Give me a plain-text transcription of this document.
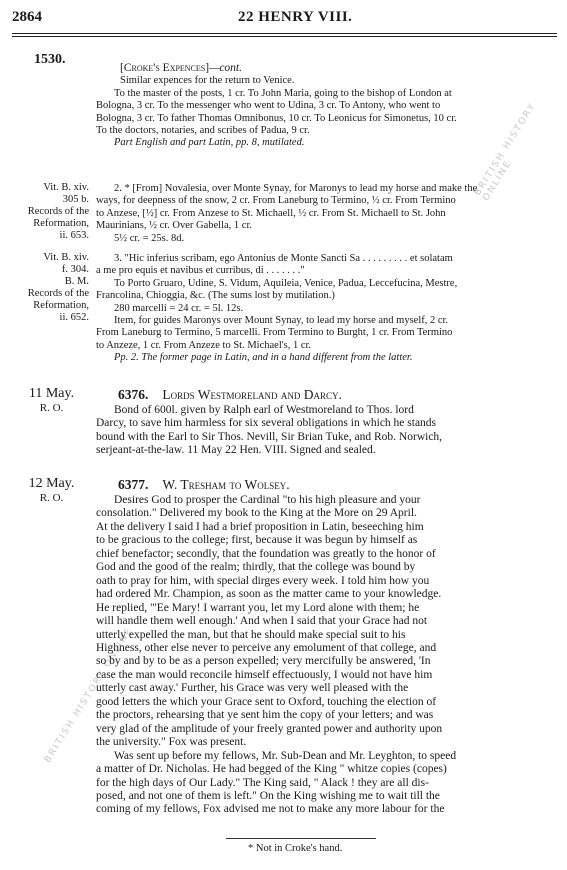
2864	22 HENRY VIII.
BRITISH HISTORY ONLINE
BRITISH HISTORY ONLINE
1530.

[Croke's Expences]—cont.

Similar expences for the return to Venice.

To the master of the posts, 1 cr. To John Maria, going to the bishop of London at

Bologna, 3 cr. To the messenger who went to Udina, 3 cr. To Antony, who went to

Bologna, 3 cr. To father Thomas Omnibonus, 10 cr. To Leonicus for Simonetus, 10 cr.

To the doctors, notaries, and scribes of Padua, 9 cr.

Part English and part Latin, pp. 8, mutilated.

Vit. B. xiv.
305 b.
Records of the
Reformation,
ii. 653.

2. * [From] Novalesia, over Monte Synay, for Maronys to lead my horse and make the

ways, for deepness of the snow, 2 cr. From Laneburg to Termino, ½ cr. From Termino

to Anzese, [½] cr. From Anzese to St. Michaell, ½ cr. From St. Michaell to St. John

Maurinians, ½ cr. Over Gabella, 1 cr.

5½ cr. = 25s. 8d.

Vit. B. xiv.
f. 304.
B. M.
Records of the
Reformation,
ii. 652.

3. "Hic inferius scribam, ego Antonius de Monte Sancti Sa . . . . . . . . . et solatam

a me pro equis et navibus et curribus, di . . . . . . ."

To Porto Gruaro, Udine, S. Vidum, Aquileia, Venice, Padua, Leccefucina, Mestre,

Francolina, Chioggia, &c. (The sums lost by mutilation.)

280 marcelli = 24 cr. = 5l. 12s.

Item, for guides Maronys over Mount Synay, to lead my horse and myself, 2 cr.

From Laneburg to Termino, 5 marcelli. From Termino to Burght, 1 cr. From Termino

to Anzeze, 1 cr. From Anzeze to St. Michael's, 1 cr.

Pp. 2. The former page in Latin, and in a hand different from the latter.

11 May.
R. O.
6376. Lords Westmoreland and Darcy.

Bond of 600l. given by Ralph earl of Westmoreland to Thos. lord

Darcy, to save him harmless for six several obligations in which he stands

bound with the Earl to Sir Thos. Nevill, Sir Brian Tuke, and Rob. Norwich,

serjeant-at-the-law. 11 May 22 Hen. VIII. Signed and sealed.

12 May.
R. O.
6377. W. Tresham to Wolsey.

Desires God to prosper the Cardinal "to his high pleasure and your

consolation." Delivered my book to the King at the More on 29 April.

At the delivery I said I had a brief proposition in Latin, beseeching him

to be gracious to the college; first, because it was begun by himself as

chief benefactor; secondly, that the foundation was greatly to the honor of

God and the good of the realm; thirdly, that the college was bound by

oath to pray for him, with special dirges every week. I told him how you

had ordered Mr. Champion, as soon as the matter came to your knowledge.

He replied, "'Ee Mary! I warrant you, let my Lord alone with them; he

will handle them well enough.' And when I said that your Grace had not

utterly expelled the man, but that he should make special suit to his

Highness, other else never to perceive any emolument of that college, and

so by and by to be as a person expelled; very mercifully be answered, 'In

case the man would reconcile himself effectuously, I would not have him

utterly cast away.' Further, his Grace was very well pleased with the

good letters the which your Grace sent to Oxford, touching the election of

the proctors, rehearsing that ye sent him the copy of your letters; and was

very glad of the amplitude of your freely granted power and authority upon

the university." Fox was present.

Was sent up before my fellows, Mr. Sub-Dean and Mr. Leyghton, to speed

a matter of Dr. Nicholas. He had begged of the King " whitze copies (copes)

for the high days of Our Lady." The King said, " Alack ! they are all dis-

posed, and not one of them is left." On the King wishing me to wait till the

coming of my fellows, Fox advised me not to make any more labour for the

* Not in Croke's hand.
